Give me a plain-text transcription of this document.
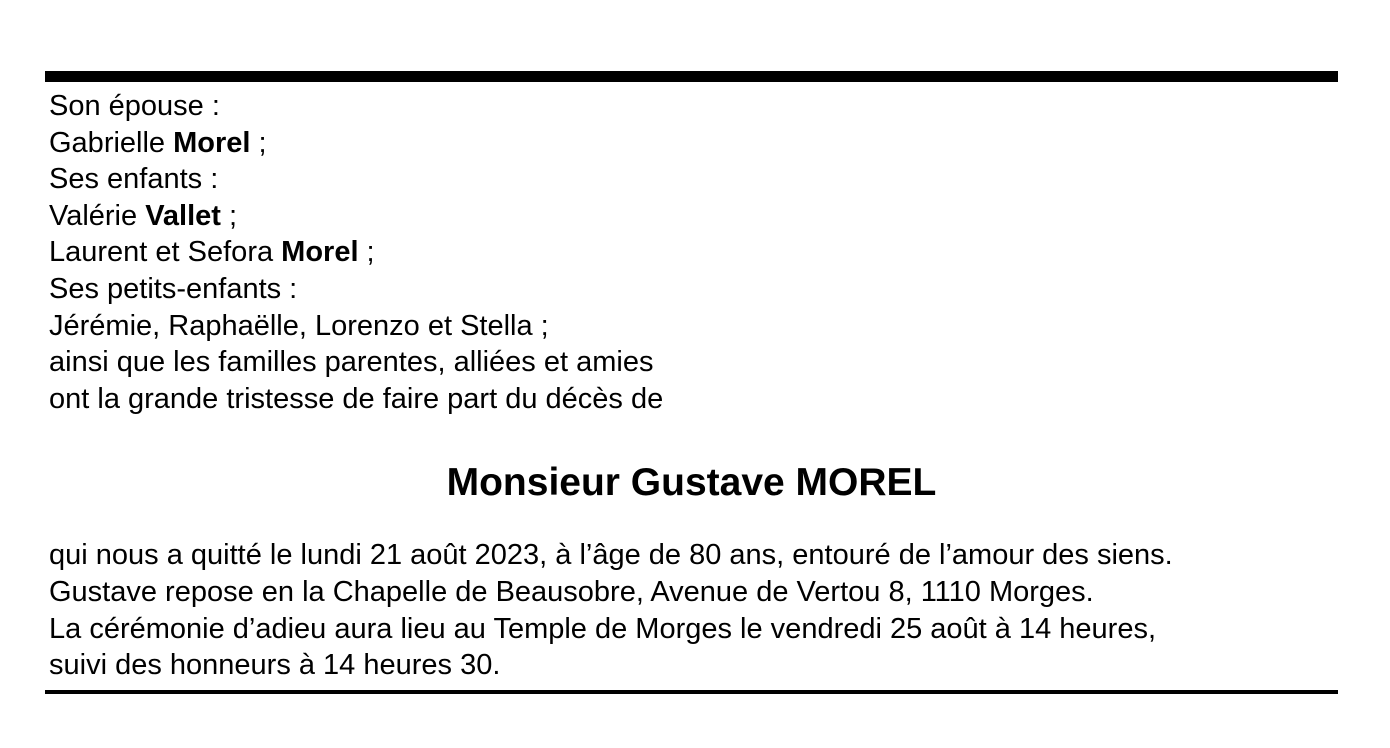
Son épouse :
Gabrielle Morel ;
Ses enfants :
Valérie Vallet ;
Laurent et Sefora Morel ;
Ses petits-enfants :
Jérémie, Raphaëlle, Lorenzo et Stella ;
ainsi que les familles parentes, alliées et amies
ont la grande tristesse de faire part du décès de
Monsieur Gustave MOREL
qui nous a quitté le lundi 21 août 2023, à l’âge de 80 ans, entouré de l’amour des siens.
Gustave repose en la Chapelle de Beausobre, Avenue de Vertou 8, 1110 Morges.
La cérémonie d’adieu aura lieu au Temple de Morges le vendredi 25 août à 14 heures,
suivi des honneurs à 14 heures 30.
